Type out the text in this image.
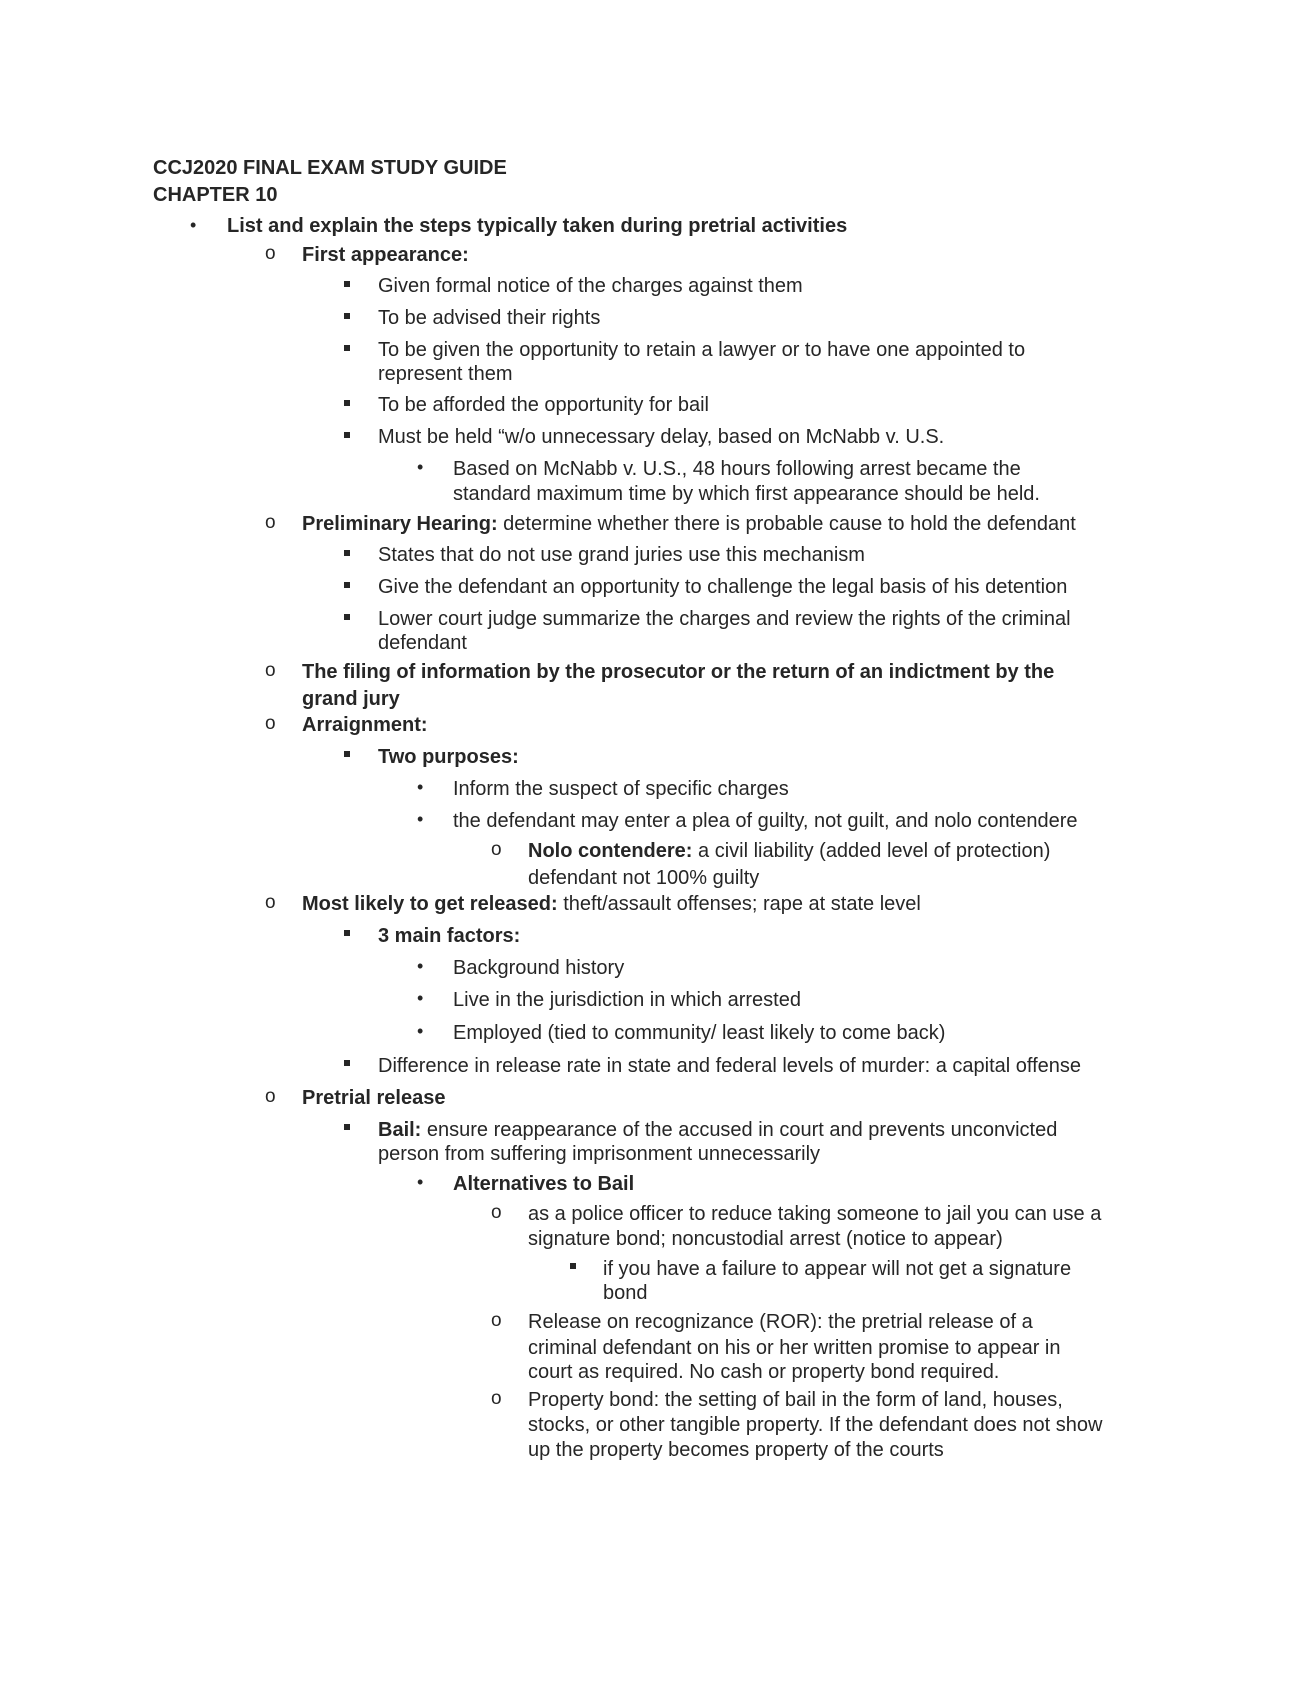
CCJ2020 FINAL EXAM STUDY GUIDE
CHAPTER 10
• List and explain the steps typically taken during pretrial activities
o First appearance:
Given formal notice of the charges against them
To be advised their rights
To be given the opportunity to retain a lawyer or to have one appointed to
represent them
To be afforded the opportunity for bail
Must be held “w/o unnecessary delay, based on McNabb v. U.S.
• Based on McNabb v. U.S., 48 hours following arrest became the
standard maximum time by which first appearance should be held.
o Preliminary Hearing: determine whether there is probable cause to hold the defendant
States that do not use grand juries use this mechanism
Give the defendant an opportunity to challenge the legal basis of his detention
Lower court judge summarize the charges and review the rights of the criminal
defendant
o The filing of information by the prosecutor or the return of an indictment by the
grand jury
o Arraignment:
Two purposes:
• Inform the suspect of specific charges
• the defendant may enter a plea of guilty, not guilt, and nolo contendere
o Nolo contendere: a civil liability (added level of protection)
defendant not 100% guilty
o Most likely to get released: theft/assault offenses; rape at state level
3 main factors:
• Background history
• Live in the jurisdiction in which arrested
• Employed (tied to community/ least likely to come back)
Difference in release rate in state and federal levels of murder: a capital offense
o Pretrial release
Bail: ensure reappearance of the accused in court and prevents unconvicted
person from suffering imprisonment unnecessarily
• Alternatives to Bail
o as a police officer to reduce taking someone to jail you can use a
signature bond; noncustodial arrest (notice to appear)
if you have a failure to appear will not get a signature
bond
o Release on recognizance (ROR): the pretrial release of a
criminal defendant on his or her written promise to appear in
court as required. No cash or property bond required.
o Property bond: the setting of bail in the form of land, houses,
stocks, or other tangible property. If the defendant does not show
up the property becomes property of the courts
